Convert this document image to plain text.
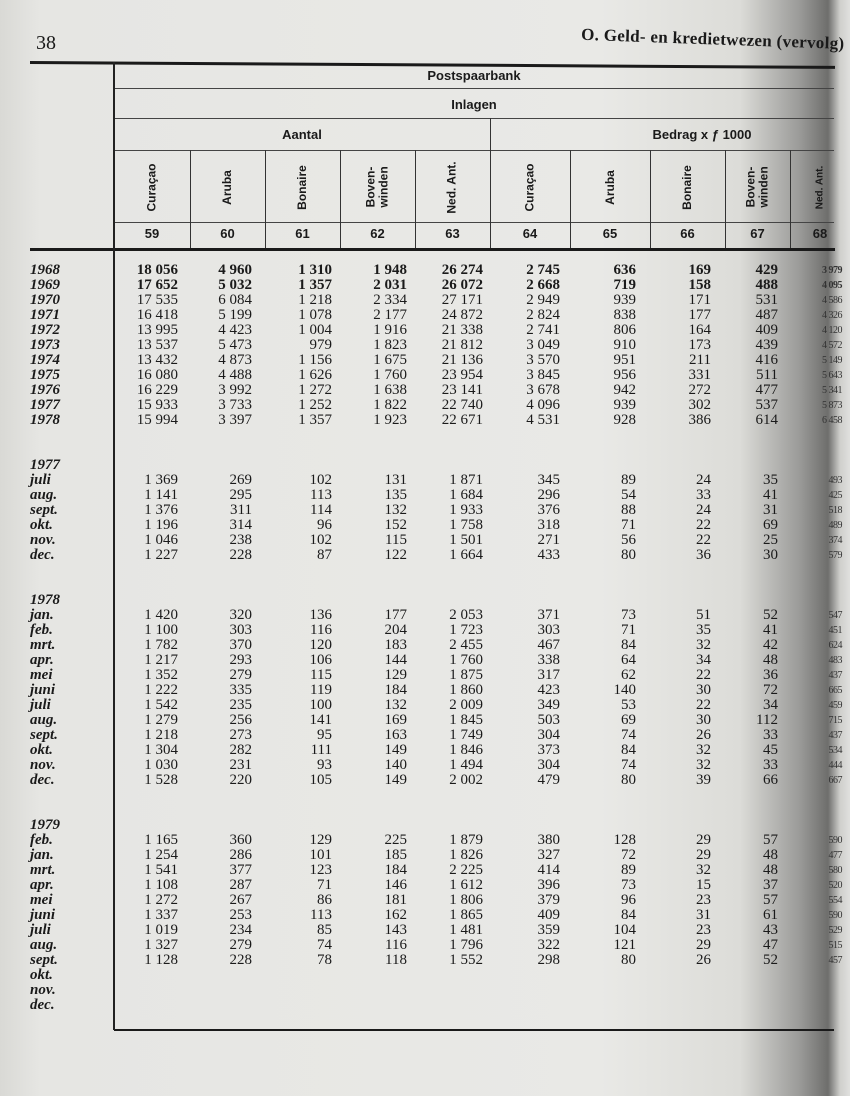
38	O. Geld- en kredietwezen (vervolg)
Postspaarbank
Inlagen
Aantal	Bedrag x ƒ 1000
Curaçao
59
Aruba
60
Bonaire
61
Boven-
winden
62
Ned. Ant.
63
Curaçao
64
Aruba
65
Bonaire
66
Boven-
winden
67
Ned. Ant.
68
1968	18 056	4 960	1 310	1 948	26 274	2 745	636	169	429	3 979
1969	17 652	5 032	1 357	2 031	26 072	2 668	719	158	488	4 095
1970	17 535	6 084	1 218	2 334	27 171	2 949	939	171	531	4 586
1971	16 418	5 199	1 078	2 177	24 872	2 824	838	177	487	4 326
1972	13 995	4 423	1 004	1 916	21 338	2 741	806	164	409	4 120
1973	13 537	5 473	979	1 823	21 812	3 049	910	173	439	4 572
1974	13 432	4 873	1 156	1 675	21 136	3 570	951	211	416	5 149
1975	16 080	4 488	1 626	1 760	23 954	3 845	956	331	511	5 643
1976	16 229	3 992	1 272	1 638	23 141	3 678	942	272	477	5 341
1977	15 933	3 733	1 252	1 822	22 740	4 096	939	302	537	5 873
1978	15 994	3 397	1 357	1 923	22 671	4 531	928	386	614	6 458
1977
juli	1 369	269	102	131	1 871	345	89	24	35	493
aug.	1 141	295	113	135	1 684	296	54	33	41	425
sept.	1 376	311	114	132	1 933	376	88	24	31	518
okt.	1 196	314	96	152	1 758	318	71	22	69	489
nov.	1 046	238	102	115	1 501	271	56	22	25	374
dec.	1 227	228	87	122	1 664	433	80	36	30	579
1978
jan.	1 420	320	136	177	2 053	371	73	51	52	547
feb.	1 100	303	116	204	1 723	303	71	35	41	451
mrt.	1 782	370	120	183	2 455	467	84	32	42	624
apr.	1 217	293	106	144	1 760	338	64	34	48	483
mei	1 352	279	115	129	1 875	317	62	22	36	437
juni	1 222	335	119	184	1 860	423	140	30	72	665
juli	1 542	235	100	132	2 009	349	53	22	34	459
aug.	1 279	256	141	169	1 845	503	69	30	112	715
sept.	1 218	273	95	163	1 749	304	74	26	33	437
okt.	1 304	282	111	149	1 846	373	84	32	45	534
nov.	1 030	231	93	140	1 494	304	74	32	33	444
dec.	1 528	220	105	149	2 002	479	80	39	66	667
1979
feb.	1 165	360	129	225	1 879	380	128	29	57	590
jan.	1 254	286	101	185	1 826	327	72	29	48	477
mrt.	1 541	377	123	184	2 225	414	89	32	48	580
apr.	1 108	287	71	146	1 612	396	73	15	37	520
mei	1 272	267	86	181	1 806	379	96	23	57	554
juni	1 337	253	113	162	1 865	409	84	31	61	590
juli	1 019	234	85	143	1 481	359	104	23	43	529
aug.	1 327	279	74	116	1 796	322	121	29	47	515
sept.	1 128	228	78	118	1 552	298	80	26	52	457
okt.
nov.
dec.
